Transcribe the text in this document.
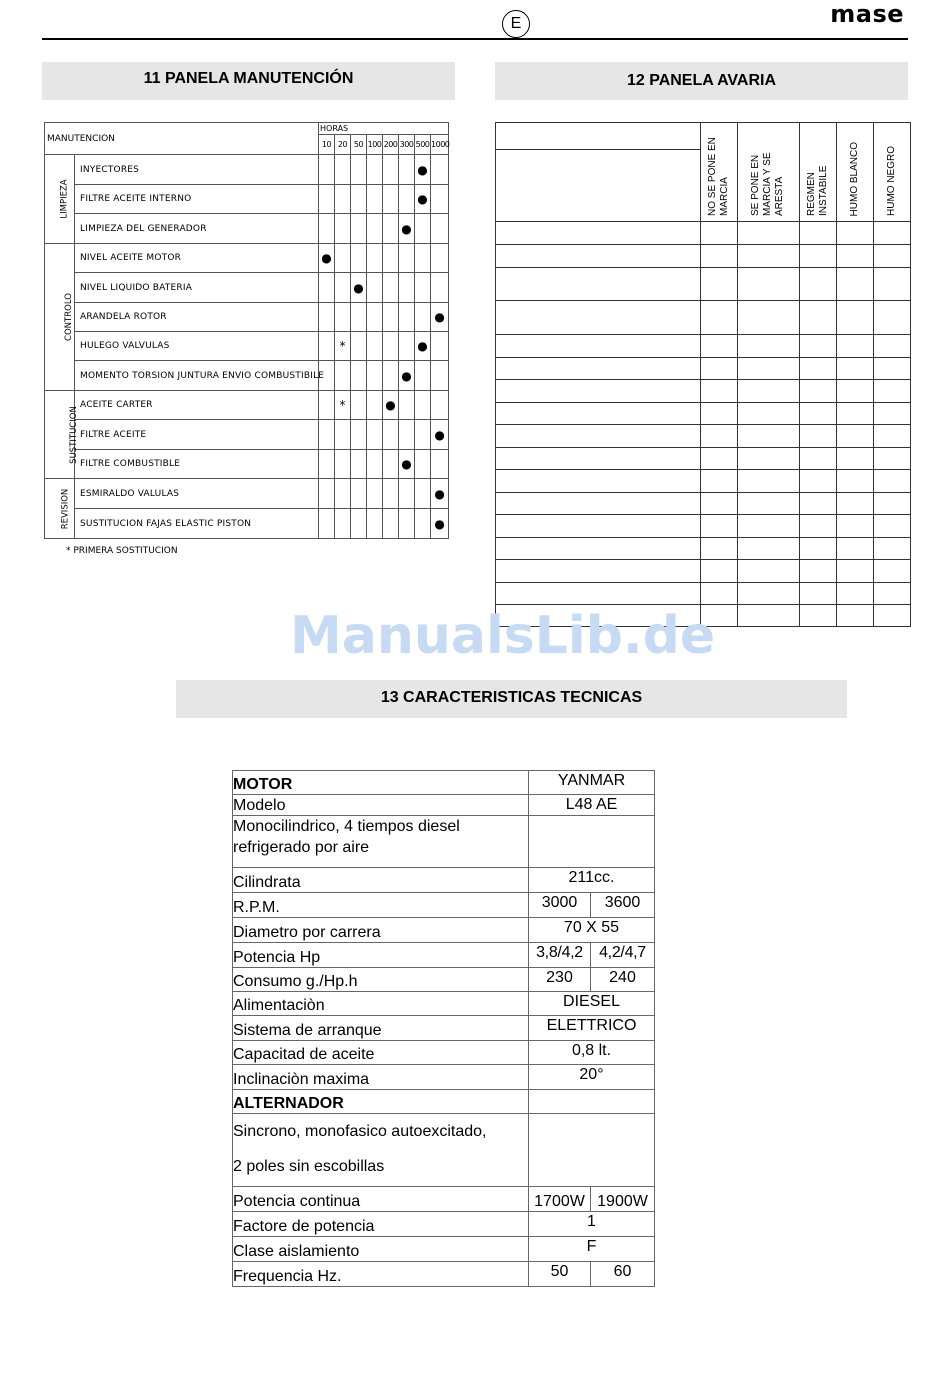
E	mase
11 PANELA MANUTENCIÓN	12 PANELA AVARIA
MANUTENCION		HORAS							
		10	20	50	100	200	300	500	1000
LIMPIEZA	INYECTORES							●	
	FILTRE ACEITE INTERNO							●	
	LIMPIEZA DEL GENERADOR						●		
CONTROLO	NIVEL ACEITE MOTOR	●							
	NIVEL LIQUIDO BATERIA			●					
	ARANDELA ROTOR								●
	HULEGO VALVULAS		*					●	
	MOMENTO TORSION JUNTURA ENVIO COMBUSTIBILE						●		
SUSTITUCION	ACEITE CARTER		*			●			
	FILTRE ACEITE								●
	FILTRE COMBUSTIBLE						●		
REVISION	ESMIRALDO VALULAS								●
	SUSTITUCION FAJAS ELASTIC PISTON								●
* PRIMERA SOSTITUCION
	NO SE PONE EN MARCIA	SE PONE EN MARCIA Y SE ARESTA	REGMEN INSTABILE	HUMO BLANCO	HUMO NEGRO

ManualsLib.de
13 CARACTERISTICAS TECNICAS
MOTOR	YANMAR	
Modelo	L48 AE	

Monocilindrico, 4 tiempos diesel
refrigerado por aire		

Cilindrata	211cc.	
R.P.M.	3000	3600
Diametro por carrera	70 X 55	
Potencia Hp	3,8/4,2	4,2/4,7
Consumo g./Hp.h	230	240
Alimentaciòn	DIESEL	
Sistema de arranque	ELETTRICO	
Capacitad de aceite	0,8 lt.	
Inclinaciòn maxima	20°	
ALTERNADOR		

Sincrono, monofasico autoexcitado,
2 poles sin escobillas		

Potencia continua	1700W	1900W
Factore de potencia	1	
Clase aislamiento	F	
Frequencia Hz.	50	60
